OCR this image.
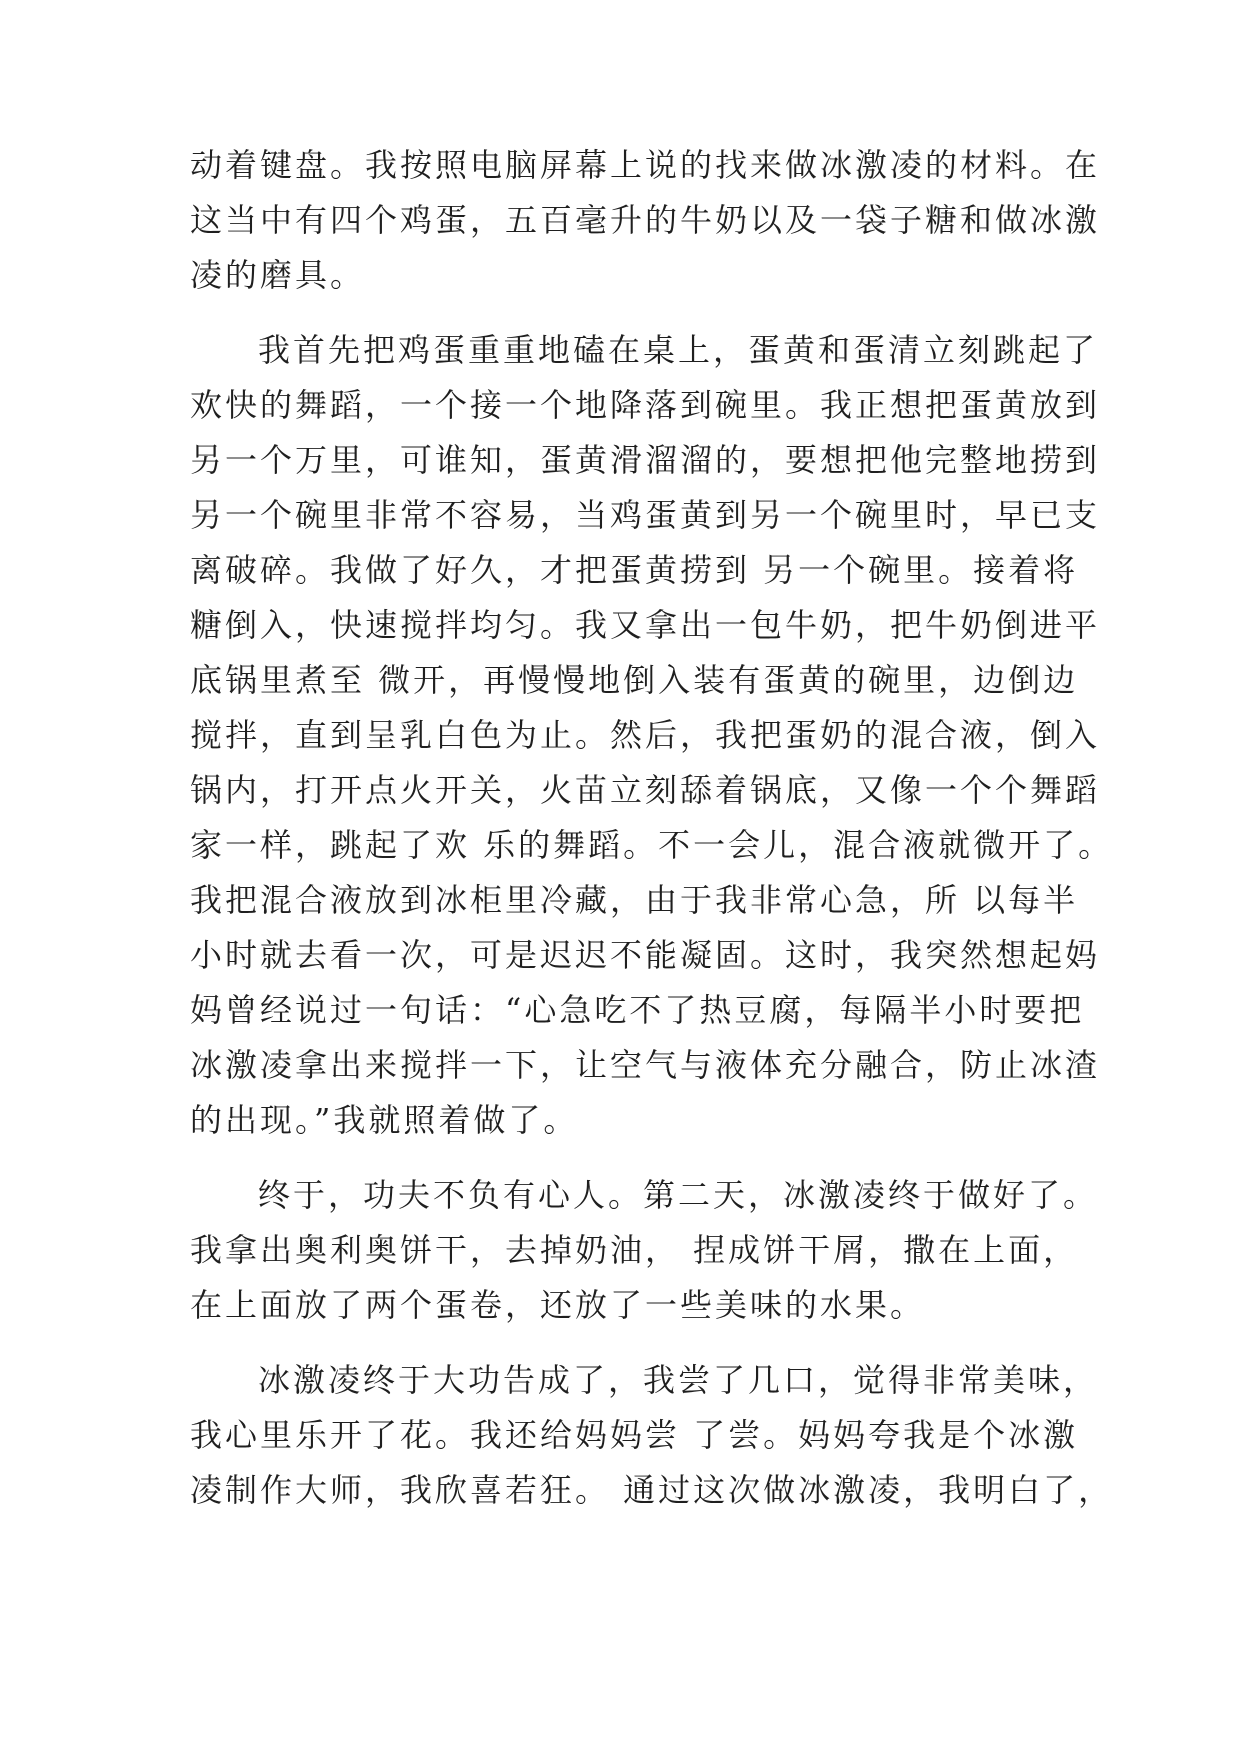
动着键盘。我按照电脑屏幕上说的找来做冰激凌的材料。在

这当中有四个鸡蛋，五百毫升的牛奶以及一袋子糖和做冰激

凌的磨具。

我首先把鸡蛋重重地磕在桌上，蛋黄和蛋清立刻跳起了

欢快的舞蹈，一个接一个地降落到碗里。我正想把蛋黄放到

另一个万里，可谁知，蛋黄滑溜溜的，要想把他完整地捞到

另一个碗里非常不容易，当鸡蛋黄到另一个碗里时，早已支

离破碎。我做了好久，才把蛋黄捞到 另一个碗里。接着将

糖倒入，快速搅拌均匀。我又拿出一包牛奶，把牛奶倒进平

底锅里煮至 微开，再慢慢地倒入装有蛋黄的碗里，边倒边

搅拌，直到呈乳白色为止。然后，我把蛋奶的混合液，倒入

锅内，打开点火开关，火苗立刻舔着锅底，又像一个个舞蹈

家一样，跳起了欢 乐的舞蹈。不一会儿，混合液就微开了。

我把混合液放到冰柜里冷藏，由于我非常心急，所 以每半

小时就去看一次，可是迟迟不能凝固。这时，我突然想起妈

妈曾经说过一句话：“心急吃不了热豆腐，每隔半小时要把

冰激凌拿出来搅拌一下，让空气与液体充分融合，防止冰渣

的出现。”我就照着做了。

终于，功夫不负有心人。第二天，冰激凌终于做好了。

我拿出奥利奥饼干，去掉奶油， 捏成饼干屑，撒在上面，

在上面放了两个蛋卷，还放了一些美味的水果。

冰激凌终于大功告成了，我尝了几口，觉得非常美味，

我心里乐开了花。我还给妈妈尝 了尝。妈妈夸我是个冰激

凌制作大师，我欣喜若狂。 通过这次做冰激凌，我明白了，
